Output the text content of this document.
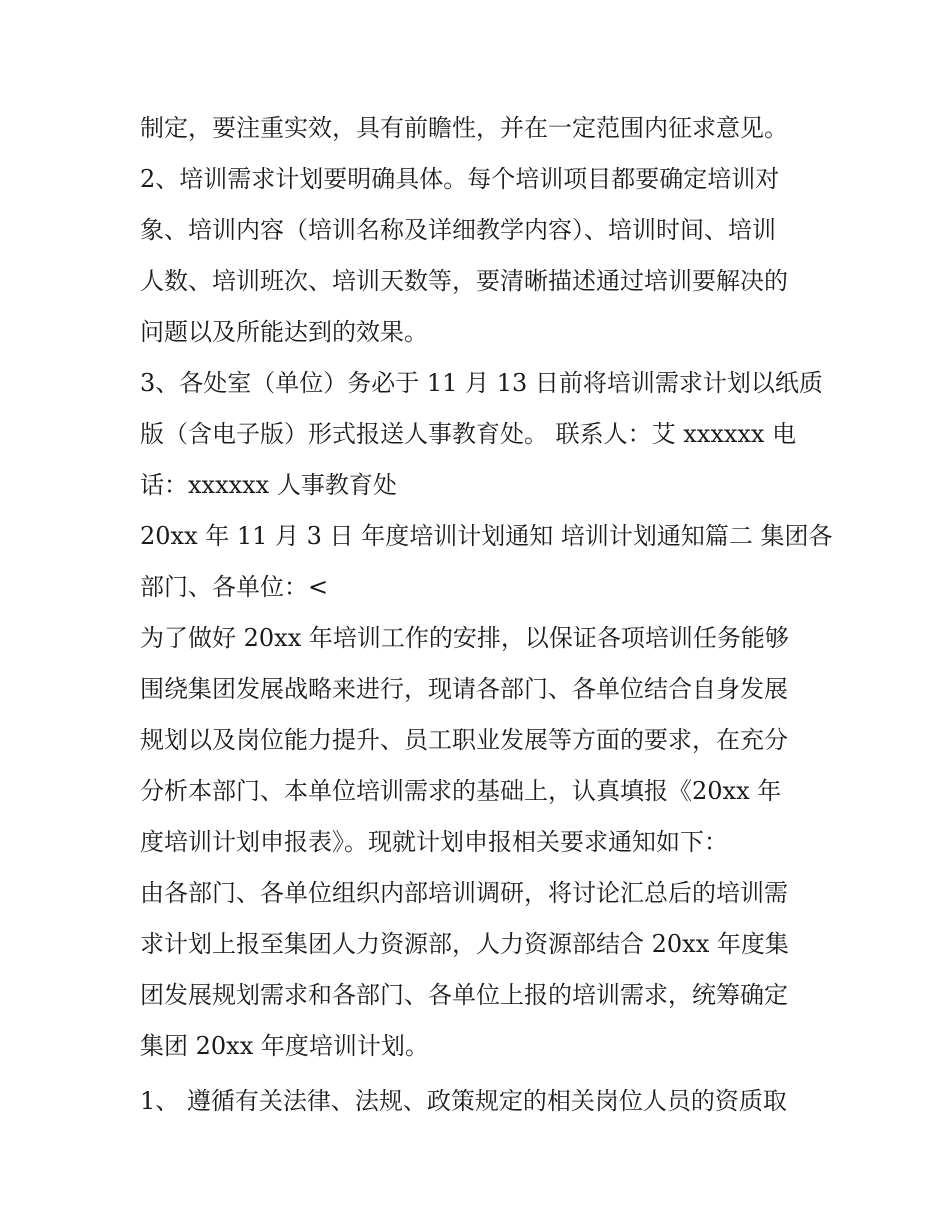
制定，要注重实效，具有前瞻性，并在一定范围内征求意见。
2、培训需求计划要明确具体。每个培训项目都要确定培训对
象、培训内容（培训名称及详细教学内容）、培训时间、培训
人数、培训班次、培训天数等，要清晰描述通过培训要解决的
问题以及所能达到的效果。
3、各处室（单位）务必于 11 月 13 日前将培训需求计划以纸质
版（含电子版）形式报送人事教育处。 联系人：艾 xxxxxx 电
话：xxxxxx 人事教育处
20xx 年 11 月 3 日 年度培训计划通知 培训计划通知篇二 集团各
部门、各单位：<
为了做好 20xx 年培训工作的安排，以保证各项培训任务能够
围绕集团发展战略来进行，现请各部门、各单位结合自身发展
规划以及岗位能力提升、员工职业发展等方面的要求，在充分
分析本部门、本单位培训需求的基础上，认真填报《20xx 年
度培训计划申报表》。现就计划申报相关要求通知如下：
由各部门、各单位组织内部培训调研，将讨论汇总后的培训需
求计划上报至集团人力资源部，人力资源部结合 20xx 年度集
团发展规划需求和各部门、各单位上报的培训需求，统筹确定
集团 20xx 年度培训计划。
1、 遵循有关法律、法规、政策规定的相关岗位人员的资质取
